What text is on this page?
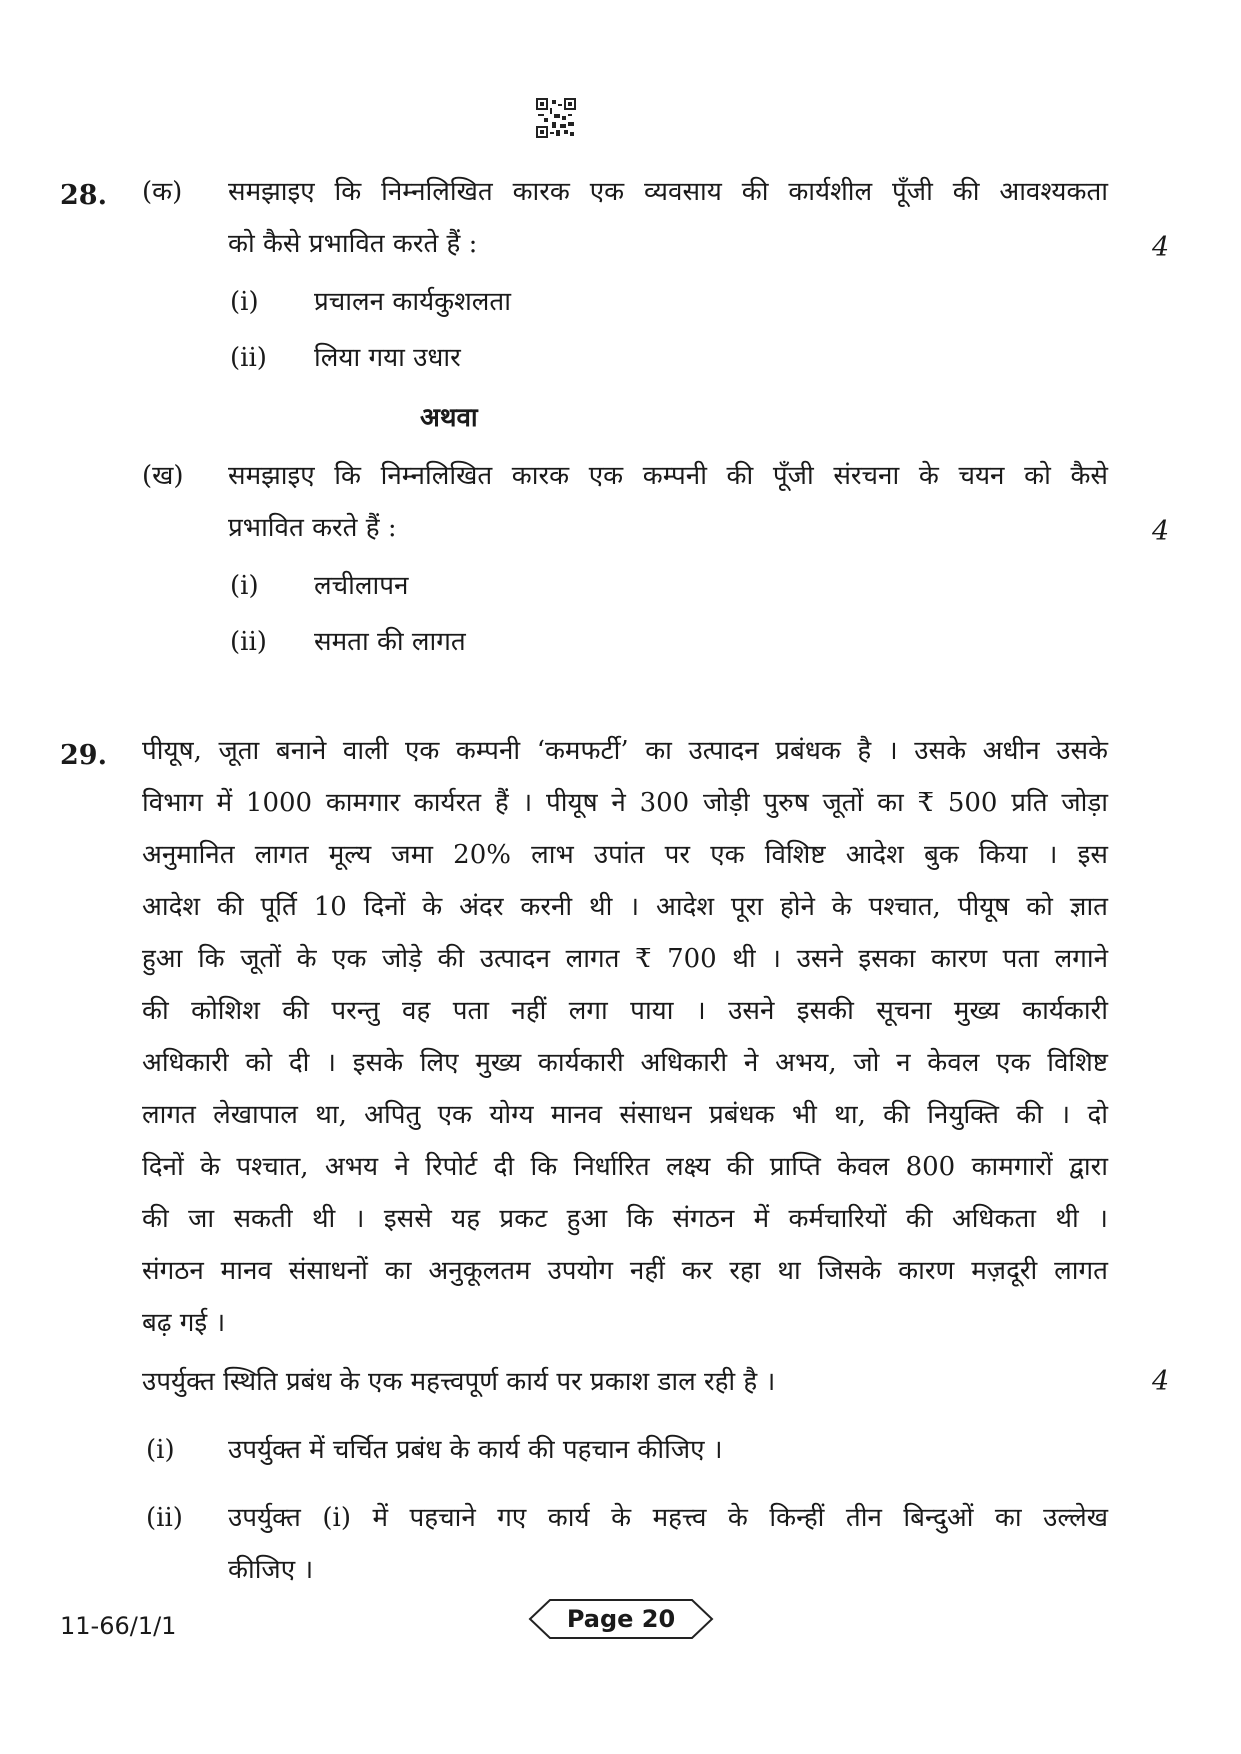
28. (क) समझाइए कि निम्नलिखित कारक एक व्यवसाय की कार्यशील पूँजी की आवश्यकता
को कैसे प्रभावित करते हैं :	4
(i) प्रचालन कार्यकुशलता
(ii) लिया गया उधार
अथवा
(ख) समझाइए कि निम्नलिखित कारक एक कम्पनी की पूँजी संरचना के चयन को कैसे
प्रभावित करते हैं :	4
(i) लचीलापन
(ii) समता की लागत
29. पीयूष, जूता बनाने वाली एक कम्पनी ‘कमफर्टी’ का उत्पादन प्रबंधक है । उसके अधीन उसके
विभाग में 1000 कामगार कार्यरत हैं । पीयूष ने 300 जोड़ी पुरुष जूतों का ₹ 500 प्रति जोड़ा
अनुमानित लागत मूल्य जमा 20% लाभ उपांत पर एक विशिष्ट आदेश बुक किया । इस
आदेश की पूर्ति 10 दिनों के अंदर करनी थी । आदेश पूरा होने के पश्चात, पीयूष को ज्ञात
हुआ कि जूतों के एक जोड़े की उत्पादन लागत ₹ 700 थी । उसने इसका कारण पता लगाने
की कोशिश की परन्तु वह पता नहीं लगा पाया । उसने इसकी सूचना मुख्य कार्यकारी
अधिकारी को दी । इसके लिए मुख्य कार्यकारी अधिकारी ने अभय, जो न केवल एक विशिष्ट
लागत लेखापाल था, अपितु एक योग्य मानव संसाधन प्रबंधक भी था, की नियुक्ति की । दो
दिनों के पश्चात, अभय ने रिपोर्ट दी कि निर्धारित लक्ष्य की प्राप्ति केवल 800 कामगारों द्वारा
की जा सकती थी । इससे यह प्रकट हुआ कि संगठन में कर्मचारियों की अधिकता थी ।
संगठन मानव संसाधनों का अनुकूलतम उपयोग नहीं कर रहा था जिसके कारण मज़दूरी लागत
बढ़ गई ।
उपर्युक्त स्थिति प्रबंध के एक महत्त्वपूर्ण कार्य पर प्रकाश डाल रही है ।	4
(i) उपर्युक्त में चर्चित प्रबंध के कार्य की पहचान कीजिए ।
(ii) उपर्युक्त (i) में पहचाने गए कार्य के महत्त्व के किन्हीं तीन बिन्दुओं का उल्लेख
कीजिए ।
11-66/1/1	Page 20
